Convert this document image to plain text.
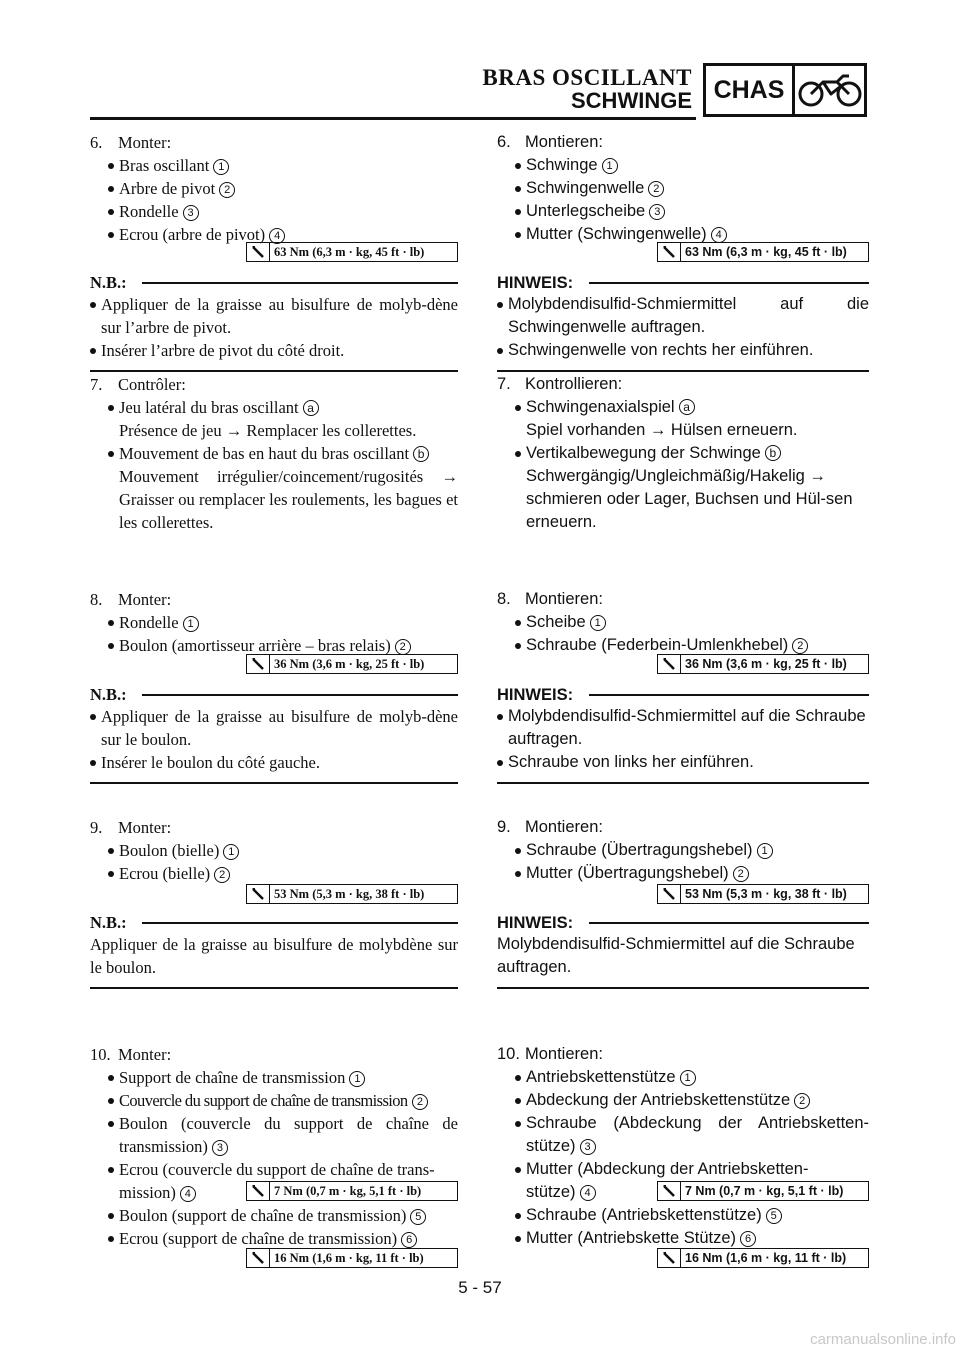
BRAS OSCILLANT
SCHWINGE CHAS
6. Monter:
Bras oscillant 1
Arbre de pivot 2
Rondelle 3
Ecrou (arbre de pivot) 4
63 Nm (6,3 m · kg, 45 ft · lb)
N.B.:
Appliquer de la graisse au bisulfure de molyb-dène sur l’arbre de pivot.
Insérer l’arbre de pivot du côté droit.
7. Contrôler:
Jeu latéral du bras oscillant a
Présence de jeu → Remplacer les collerettes.
Mouvement de bas en haut du bras oscillant b
Mouvement irrégulier/coincement/rugosités → Graisser ou remplacer les roulements, les bagues et les collerettes.
8. Monter:
Rondelle 1
Boulon (amortisseur arrière – bras relais) 2
36 Nm (3,6 m · kg, 25 ft · lb)
N.B.:
Appliquer de la graisse au bisulfure de molyb-dène sur le boulon.
Insérer le boulon du côté gauche.
9. Monter:
Boulon (bielle) 1
Ecrou (bielle) 2
53 Nm (5,3 m · kg, 38 ft · lb)
N.B.:
Appliquer de la graisse au bisulfure de molybdène sur le boulon.
10. Monter:
Support de chaîne de transmission 1
Couvercle du support de chaîne de transmission 2
Boulon (couvercle du support de chaîne de transmission) 3
Ecrou (couvercle du support de chaîne de trans-
mission) 4
Boulon (support de chaîne de transmission) 5
Ecrou (support de chaîne de transmission) 6
7 Nm (0,7 m · kg, 5,1 ft · lb)
16 Nm (1,6 m · kg, 11 ft · lb)
6. Montieren:
Schwinge 1
Schwingenwelle 2
Unterlegscheibe 3
Mutter (Schwingenwelle) 4
63 Nm (6,3 m · kg, 45 ft · lb)
HINWEIS:
Molybdendisulfid-Schmiermittel auf die Schwingenwelle auftragen.
Schwingenwelle von rechts her einführen.
7. Kontrollieren:
Schwingenaxialspiel a
Spiel vorhanden → Hülsen erneuern.
Vertikalbewegung der Schwinge b
Schwergängig/Ungleichmäßig/Hakelig → schmieren oder Lager, Buchsen und Hül-sen erneuern.
8. Montieren:
Scheibe 1
Schraube (Federbein-Umlenkhebel) 2
36 Nm (3,6 m · kg, 25 ft · lb)
HINWEIS:
Molybdendisulfid-Schmiermittel auf die Schraube auftragen.
Schraube von links her einführen.
9. Montieren:
Schraube (Übertragungshebel) 1
Mutter (Übertragungshebel) 2
53 Nm (5,3 m · kg, 38 ft · lb)
HINWEIS:
Molybdendisulfid-Schmiermittel auf die Schraube auftragen.
10. Montieren:
Antriebskettenstütze 1
Abdeckung der Antriebskettenstütze 2
Schraube (Abdeckung der Antriebsketten-stütze) 3
Mutter (Abdeckung der Antriebsketten-
stütze) 4
Schraube (Antriebskettenstütze) 5
Mutter (Antriebskette Stütze) 6
7 Nm (0,7 m · kg, 5,1 ft · lb)
16 Nm (1,6 m · kg, 11 ft · lb)
5 - 57
carmanualsonline.info
